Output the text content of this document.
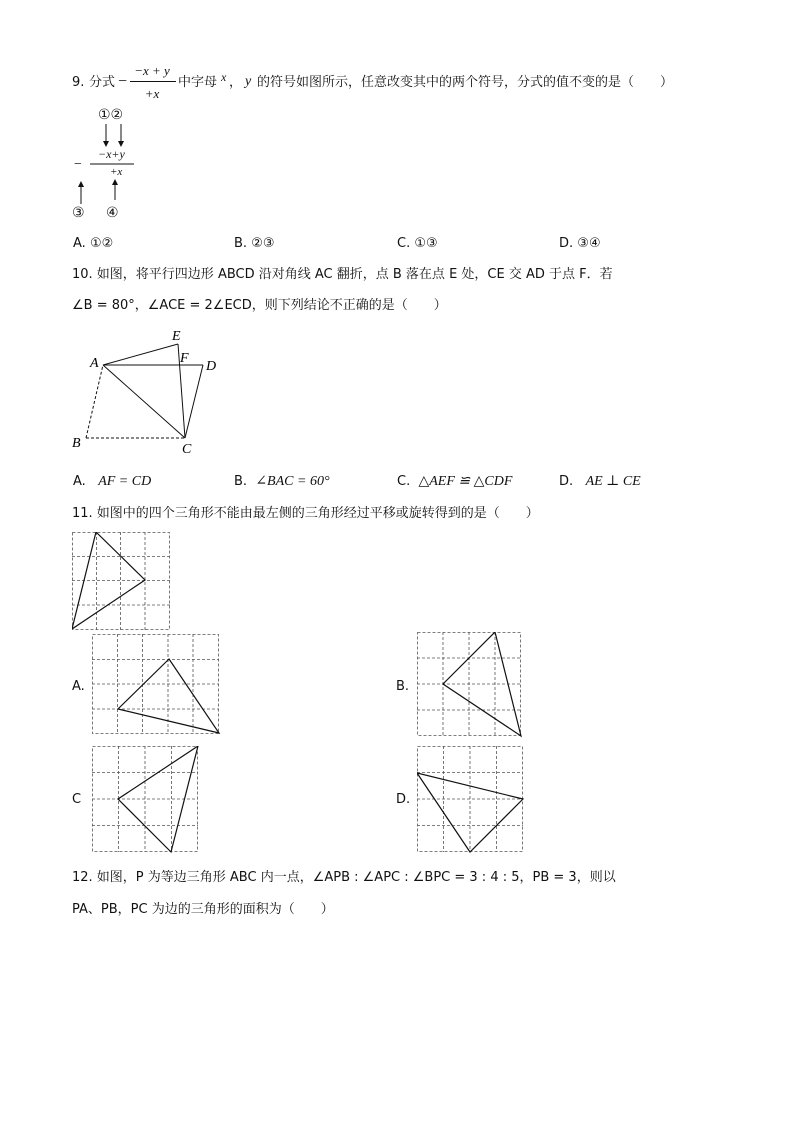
9. 分式 −
−x + y
+x
中字母 x ， y 的符号如图所示，任意改变其中的两个符号，分式的值不变的是（　　）
①②
−
−x+y
+x
③ ④
A. ①②	B. ②③	C. ①③	D. ③④
10. 如图，将平行四边形 ABCD 沿对角线 AC 翻折，点 B 落在点 E 处，CE 交 AD 于点 F．若
∠B = 80°，∠ACE = 2∠ECD，则下列结论不正确的是（　　）
A
B	C
D
E
F
A. AF = CD	B. ∠BAC = 60°	C. △AEF ≌ △CDF	D. AE ⊥ CE
11. 如图中的四个三角形不能由最左侧的三角形经过平移或旋转得到的是（　　）
A.	B.
C	D.
12. 如图，P 为等边三角形 ABC 内一点，∠APB : ∠APC : ∠BPC = 3 : 4 : 5，PB = 3，则以
PA、PB，PC 为边的三角形的面积为（　　）
